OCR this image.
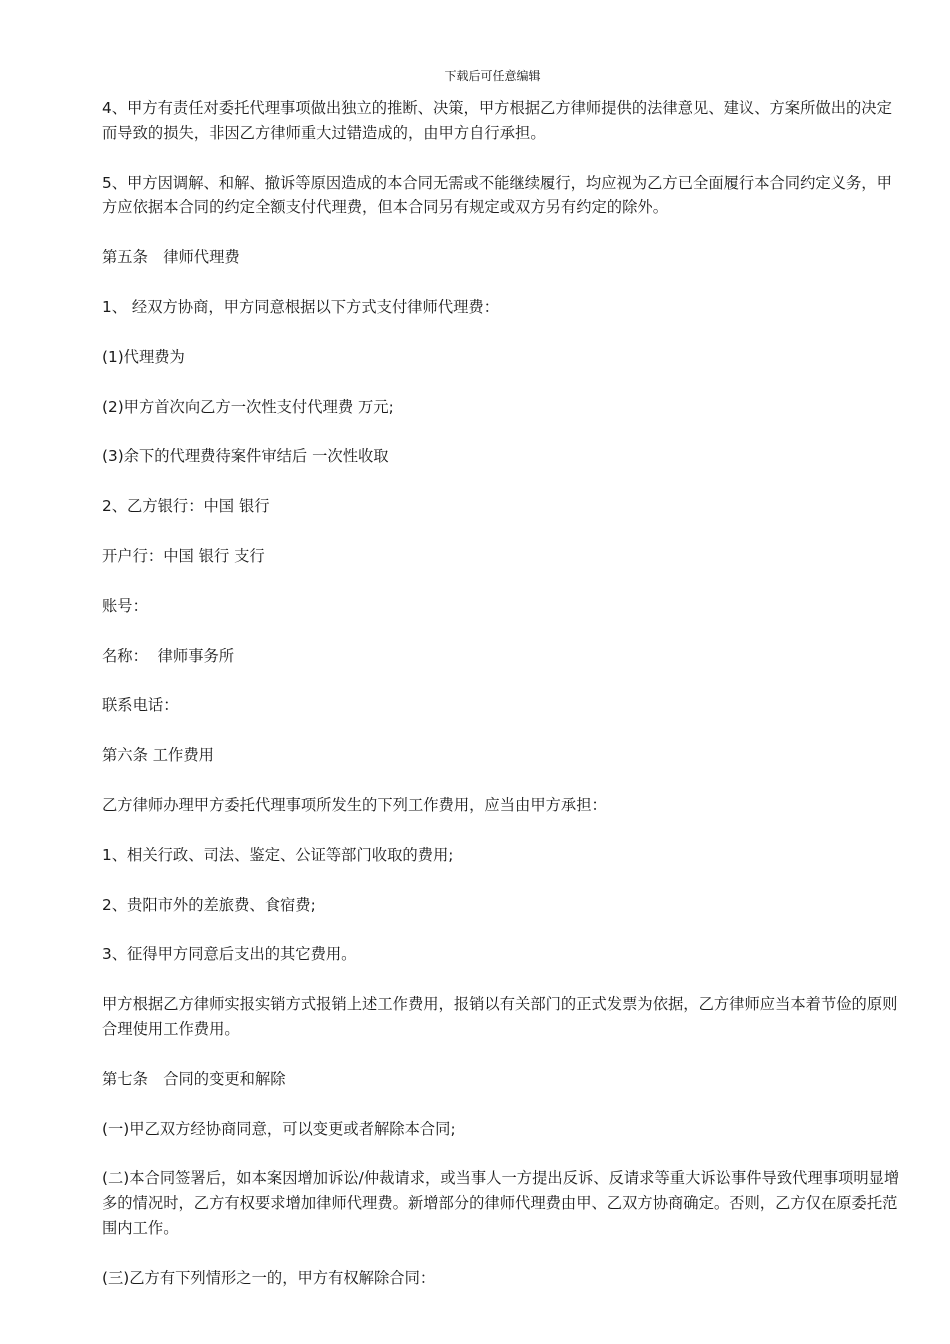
下载后可任意编辑

4、甲方有责任对委托代理事项做出独立的推断、决策，甲方根据乙方律师提供的法律意见、建议、方案所做出的决定而导致的损失，非因乙方律师重大过错造成的，由甲方自行承担。

5、甲方因调解、和解、撤诉等原因造成的本合同无需或不能继续履行，均应视为乙方已全面履行本合同约定义务，甲方应依据本合同的约定全额支付代理费，但本合同另有规定或双方另有约定的除外。

第五条　律师代理费

1、 经双方协商，甲方同意根据以下方式支付律师代理费：

(1)代理费为

(2)甲方首次向乙方一次性支付代理费 万元;

(3)余下的代理费待案件审结后 一次性收取

2、乙方银行：中国 银行

开户行：中国 银行 支行

账号：

名称：  律师事务所

联系电话：

第六条 工作费用

乙方律师办理甲方委托代理事项所发生的下列工作费用，应当由甲方承担：

1、相关行政、司法、鉴定、公证等部门收取的费用;

2、贵阳市外的差旅费、食宿费;

3、征得甲方同意后支出的其它费用。

甲方根据乙方律师实报实销方式报销上述工作费用，报销以有关部门的正式发票为依据，乙方律师应当本着节俭的原则合理使用工作费用。

第七条　合同的变更和解除

(一)甲乙双方经协商同意，可以变更或者解除本合同;

(二)本合同签署后，如本案因增加诉讼/仲裁请求，或当事人一方提出反诉、反请求等重大诉讼事件导致代理事项明显增多的情况时，乙方有权要求增加律师代理费。新增部分的律师代理费由甲、乙双方协商确定。否则，乙方仅在原委托范围内工作。

(三)乙方有下列情形之一的，甲方有权解除合同：
